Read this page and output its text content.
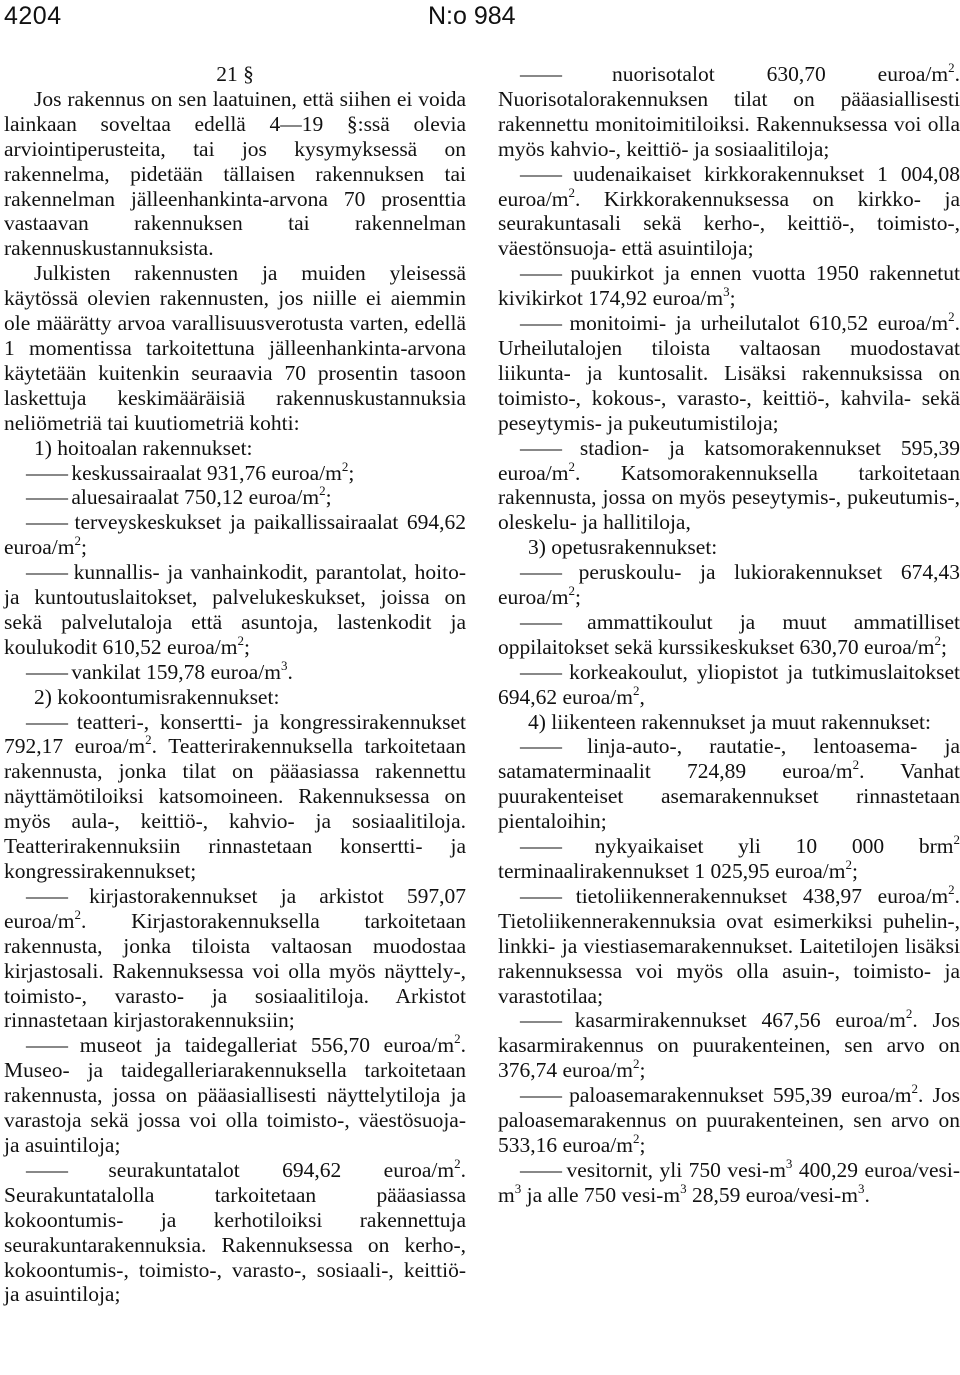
4204	N:o 984

21 §

Jos rakennus on sen laatuinen, että siihen ei voida lainkaan soveltaa edellä 4—19 §:ssä olevia arviointiperusteita, tai jos kysymyksessä on rakennelma, pidetään tällaisen rakennuksen tai rakennelman jälleenhankinta-arvona 70 prosenttia vastaavan rakennuksen tai rakennelman rakennuskustannuksista.

Julkisten rakennusten ja muiden yleisessä käytössä olevien rakennusten, jos niille ei aiemmin ole määrätty arvoa varallisuusverotusta varten, edellä 1 momentissa tarkoitettuna jälleenhankinta-arvona käytetään kuitenkin seuraavia 70 prosentin tasoon laskettuja keskimääräisiä rakennuskustannuksia neliömetriä tai kuutiometriä kohti:

1) hoitoalan rakennukset:

—— keskussairaalat 931,76 euroa/$m^2$;

—— aluesairaalat 750,12 euroa/$m^2$;

—— terveyskeskukset ja paikallissairaalat 694,62 euroa/$m^2$;

—— kunnallis- ja vanhainkodit, parantolat, hoito- ja kuntoutuslaitokset, palvelukeskukset, joissa on sekä palvelutaloja että asuntoja, lastenkodit ja koulukodit 610,52 euroa/$m^2$;

—— vankilat 159,78 euroa/$m^3$.

2) kokoontumisrakennukset:

—— teatteri-, konsertti- ja kongressirakennukset 792,17 euroa/$m^2$. Teatterirakennuksella tarkoitetaan rakennusta, jonka tilat on pääasiassa rakennettu näyttämötiloiksi katsomoineen. Rakennuksessa on myös aula-, keittiö-, kahvio- ja sosiaalitiloja. Teatterirakennuksiin rinnastetaan konsertti- ja kongressirakennukset;

—— kirjastorakennukset ja arkistot 597,07 euroa/$m^2$. Kirjastorakennuksella tarkoitetaan rakennusta, jonka tiloista valtaosan muodostaa kirjastosali. Rakennuksessa voi olla myös näyttely-, toimisto-, varasto- ja sosiaalitiloja. Arkistot rinnastetaan kirjastorakennuksiin;

—— museot ja taidegalleriat 556,70 euroa/$m^2$. Museo- ja taidegalleriarakennuksella tarkoitetaan rakennusta, jossa on pääasiallisesti näyttelytiloja ja varastoja sekä jossa voi olla toimisto-, väestösuoja- ja asuintiloja;

—— seurakuntatalot 694,62 euroa/$m^2$. Seurakuntatalolla tarkoitetaan pääasiassa kokoontumis- ja kerhotiloiksi rakennettuja seurakuntarakennuksia. Rakennuksessa on kerho-, kokoontumis-, toimisto-, varasto-, sosiaali-, keittiö- ja asuintiloja;

—— nuorisotalot 630,70 euroa/$m^2$. Nuorisotalorakennuksen tilat on pääasiallisesti rakennettu monitoimitiloiksi. Rakennuksessa voi olla myös kahvio-, keittiö- ja sosiaalitiloja;

—— uudenaikaiset kirkkorakennukset 1 004,08 euroa/$m^2$. Kirkkorakennuksessa on kirkko- ja seurakuntasali sekä kerho-, keittiö-, toimisto-, väestönsuoja- että asuintiloja;

—— puukirkot ja ennen vuotta 1950 rakennetut kivikirkot 174,92 euroa/$m^3$;

—— monitoimi- ja urheilutalot 610,52 euroa/$m^2$. Urheilutalojen tiloista valtaosan muodostavat liikunta- ja kuntosalit. Lisäksi rakennuksissa on toimisto-, kokous-, varasto-, keittiö-, kahvila- sekä peseytymis- ja pukeutumistiloja;

—— stadion- ja katsomorakennukset 595,39 euroa/$m^2$. Katsomorakennuksella tarkoitetaan rakennusta, jossa on myös peseytymis-, pukeutumis-, oleskelu- ja hallitiloja,

3) opetusrakennukset:

—— peruskoulu- ja lukiorakennukset 674,43 euroa/$m^2$;

—— ammattikoulut ja muut ammatilliset oppilaitokset sekä kurssikeskukset 630,70 euroa/$m^2$;

—— korkeakoulut, yliopistot ja tutkimuslaitokset 694,62 euroa/$m^2$,

4) liikenteen rakennukset ja muut rakennukset:

—— linja-auto-, rautatie-, lentoasema- ja satamaterminaalit 724,89 euroa/$m^2$. Vanhat puurakenteiset asemarakennukset rinnastetaan pientaloihin;

—— nykyaikaiset yli 10 000 brm$^2$ terminaalirakennukset 1 025,95 euroa/$m^2$;

—— tietoliikennerakennukset 438,97 euroa/$m^2$. Tietoliikennerakennuksia ovat esimerkiksi puhelin-, linkki- ja viestiasemarakennukset. Laitetilojen lisäksi rakennuksessa voi myös olla asuin-, toimisto- ja varastotilaa;

—— kasarmirakennukset 467,56 euroa/$m^2$. Jos kasarmirakennus on puurakenteinen, sen arvo on 376,74 euroa/$m^2$;

—— paloasemarakennukset 595,39 euroa/$m^2$. Jos paloasemarakennus on puurakenteinen, sen arvo on 533,16 euroa/$m^2$;

—— vesitornit, yli 750 vesi-$m^3$ 400,29 euroa/$vesi-m^3$ ja alle 750 vesi-$m^3$ 28,59 euroa/$vesi-m^3$.
